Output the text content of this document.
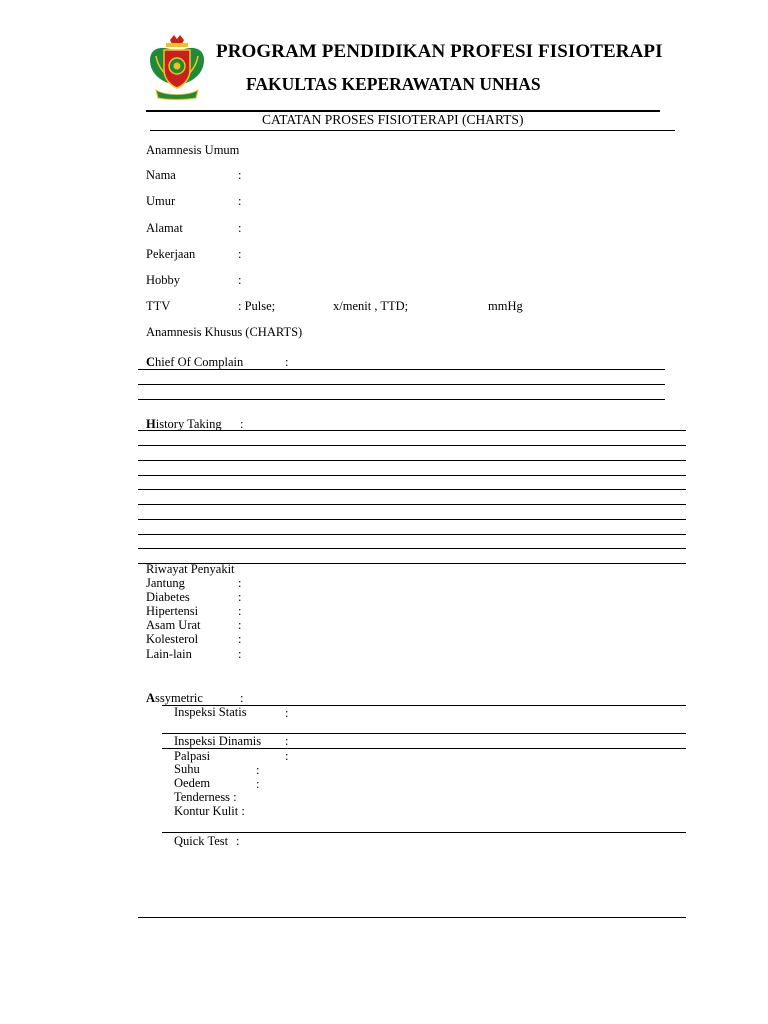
PROGRAM PENDIDIKAN PROFESI FISIOTERAPI
FAKULTAS KEPERAWATAN UNHAS
CATATAN PROSES FISIOTERAPI (CHARTS)
Anamnesis Umum
Nama	:
Umur	:
Alamat	:
Pekerjaan	:
Hobby	:
TTV	: Pulse;	x/menit , TTD;	mmHg
Anamnesis Khusus (CHARTS)
Chief Of Complain	:
History Taking :
Riwayat Penyakit
Jantung	:
Diabetes	:
Hipertensi	:
Asam Urat	:
Kolesterol	:
Lain-lain	:
Assymetric	:
Inspeksi Statis	:
Inspeksi Dinamis :
Palpasi	:
Suhu	:
Oedem	:
Tenderness :
Kontur Kulit :
Quick Test :
